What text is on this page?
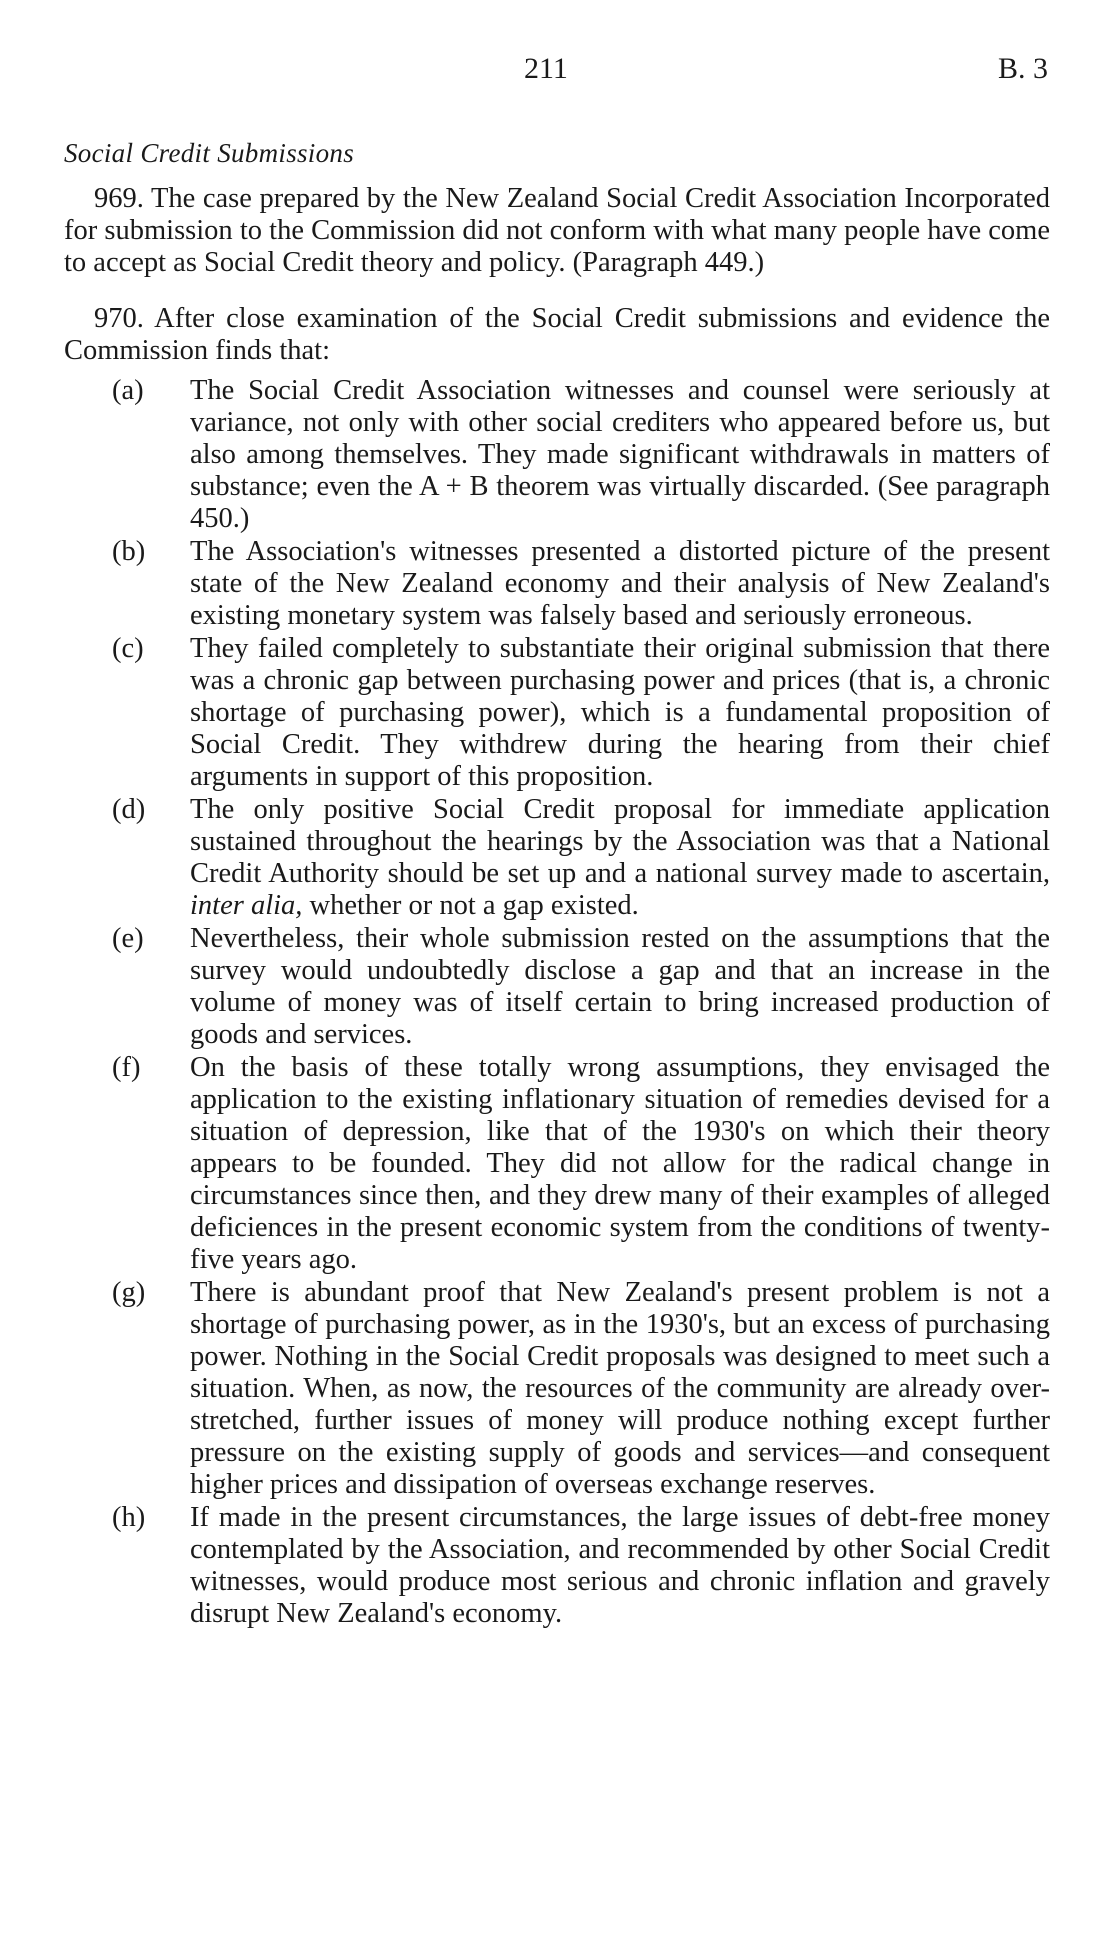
211	B. 3
Social Credit Submissions

969. The case prepared by the New Zealand Social Credit Association Incorporated for submission to the Commission did not conform with what many people have come to accept as Social Credit theory and policy. (Paragraph 449.)

970. After close examination of the Social Credit submissions and evidence the Commission finds that:

(a) The Social Credit Association witnesses and counsel were seriously at variance, not only with other social crediters who appeared before us, but also among themselves. They made significant withdrawals in matters of substance; even the A + B theorem was virtually discarded. (See paragraph 450.)

(b) The Association's witnesses presented a distorted picture of the present state of the New Zealand economy and their analysis of New Zealand's existing monetary system was falsely based and seriously erroneous.

(c) They failed completely to substantiate their original submission that there was a chronic gap between purchasing power and prices (that is, a chronic shortage of purchasing power), which is a fundamental proposition of Social Credit. They withdrew during the hearing from their chief arguments in support of this proposition.

(d) The only positive Social Credit proposal for immediate application sustained throughout the hearings by the Association was that a National Credit Authority should be set up and a national survey made to ascertain, inter alia, whether or not a gap existed.

(e) Nevertheless, their whole submission rested on the assumptions that the survey would undoubtedly disclose a gap and that an increase in the volume of money was of itself certain to bring increased production of goods and services.

(f) On the basis of these totally wrong assumptions, they envisaged the application to the existing inflationary situation of remedies devised for a situation of depression, like that of the 1930's on which their theory appears to be founded. They did not allow for the radical change in circumstances since then, and they drew many of their examples of alleged deficiences in the present economic system from the conditions of twenty-five years ago.

(g) There is abundant proof that New Zealand's present problem is not a shortage of purchasing power, as in the 1930's, but an excess of purchasing power. Nothing in the Social Credit proposals was designed to meet such a situation. When, as now, the resources of the community are already over-stretched, further issues of money will produce nothing except further pressure on the existing supply of goods and services—and consequent higher prices and dissipation of overseas exchange reserves.

(h) If made in the present circumstances, the large issues of debt-free money contemplated by the Association, and recommended by other Social Credit witnesses, would produce most serious and chronic inflation and gravely disrupt New Zealand's economy.
